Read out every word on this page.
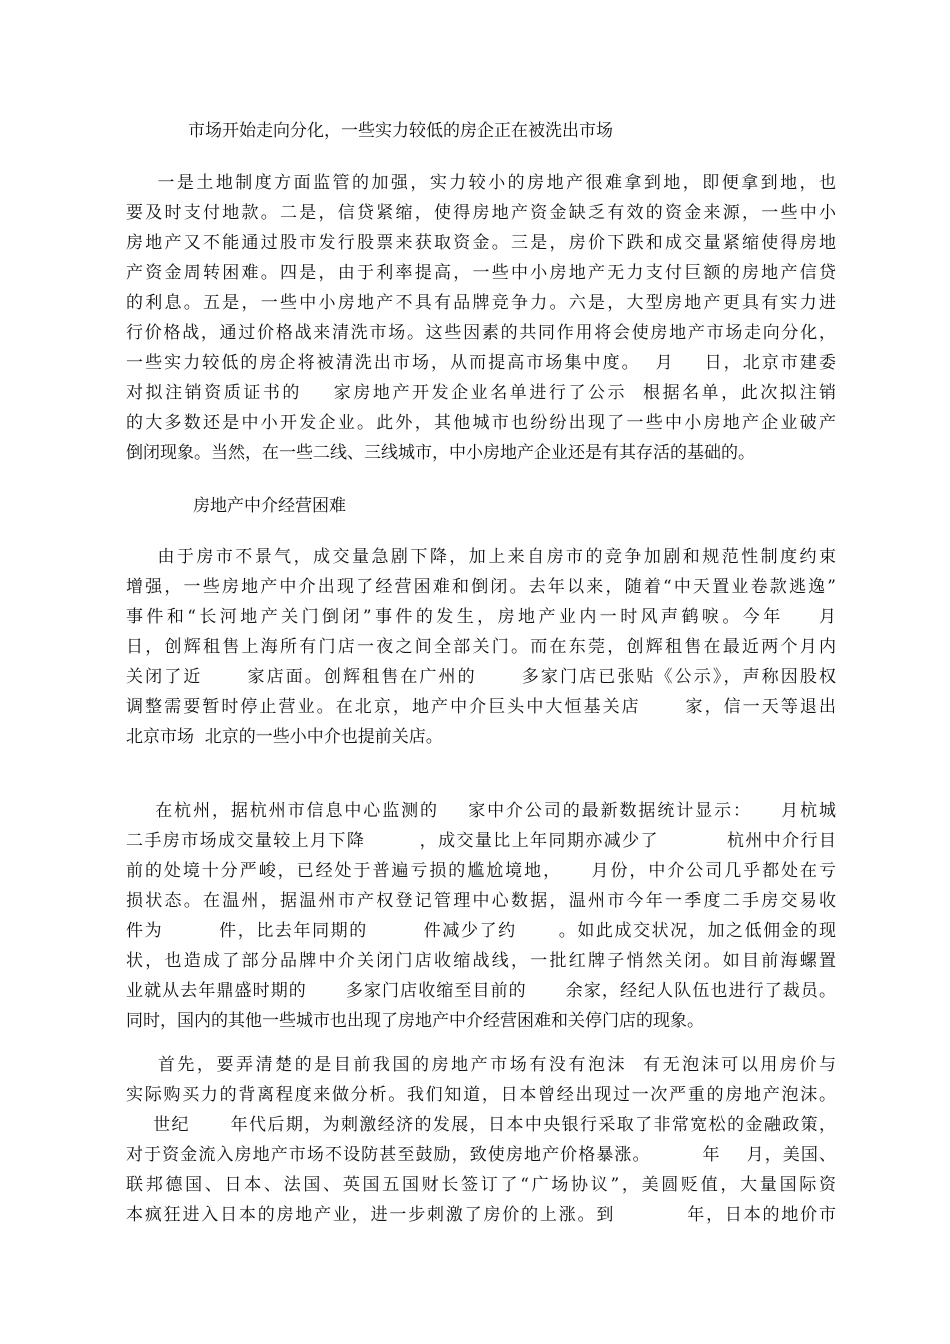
市场开始走向分化，一些实力较低的房企正在被洗出市场
一是土地制度方面监管的加强，实力较小的房地产很难拿到地，即便拿到地，也
要及时支付地款。二是，信贷紧缩，使得房地产资金缺乏有效的资金来源，一些中小
房地产又不能通过股市发行股票来获取资金。三是，房价下跌和成交量紧缩使得房地
产资金周转困难。四是，由于利率提高，一些中小房地产无力支付巨额的房地产信贷
的利息。五是，一些中小房地产不具有品牌竞争力。六是，大型房地产更具有实力进
行价格战，通过价格战来清洗市场。这些因素的共同作用将会使房地产市场走向分化，
一些实力较低的房企将被清洗出市场，从而提高市场集中度。  月    日，北京市建委
对拟注销资质证书的    家房地产开发企业名单进行了公示  根据名单，此次拟注销
的大多数还是中小开发企业。此外，其他城市也纷纷出现了一些中小房地产企业破产
倒闭现象。当然，在一些二线、三线城市，中小房地产企业还是有其存活的基础的。
房地产中介经营困难
由于房市不景气，成交量急剧下降，加上来自房市的竞争加剧和规范性制度约束
增强，一些房地产中介出现了经营困难和倒闭。去年以来，随着“中天置业卷款逃逸”
事件和“长河地产关门倒闭”事件的发生，房地产业内一时风声鹤唳。今年    月
日，创辉租售上海所有门店一夜之间全部关门。而在东莞，创辉租售在最近两个月内
关闭了近      家店面。创辉租售在广州的      多家门店已张贴《公示》，声称因股权
调整需要暂时停止营业。在北京，地产中介巨头中大恒基关店      家，信一天等退出
北京市场  北京的一些小中介也提前关店。
在杭州，据杭州市信息中心监测的    家中介公司的最新数据统计显示：    月杭城
二手房市场成交量较上月下降        ，成交量比上年同期亦减少了          杭州中介行目
前的处境十分严峻，已经处于普遍亏损的尴尬境地，    月份，中介公司几乎都处在亏
损状态。在温州，据温州市产权登记管理中心数据，温州市今年一季度二手房交易收
件为        件，比去年同期的        件减少了约      。如此成交状况，加之低佣金的现
状，也造成了部分品牌中介关闭门店收缩战线，一批红牌子悄然关闭。如目前海螺置
业就从去年鼎盛时期的      多家门店收缩至目前的      余家，经纪人队伍也进行了裁员。
同时，国内的其他一些城市也出现了房地产中介经营困难和关停门店的现象。
首先，要弄清楚的是目前我国的房地产市场有没有泡沫  有无泡沫可以用房价与
实际购买力的背离程度来做分析。我们知道，日本曾经出现过一次严重的房地产泡沫。
世纪      年代后期，为刺激经济的发展，日本中央银行采取了非常宽松的金融政策，
对于资金流入房地产市场不设防甚至鼓励，致使房地产价格暴涨。        年    月，美国、
联邦德国、日本、法国、英国五国财长签订了“广场协议”，美圆贬值，大量国际资
本疯狂进入日本的房地产业，进一步刺激了房价的上涨。到          年，日本的地价市
